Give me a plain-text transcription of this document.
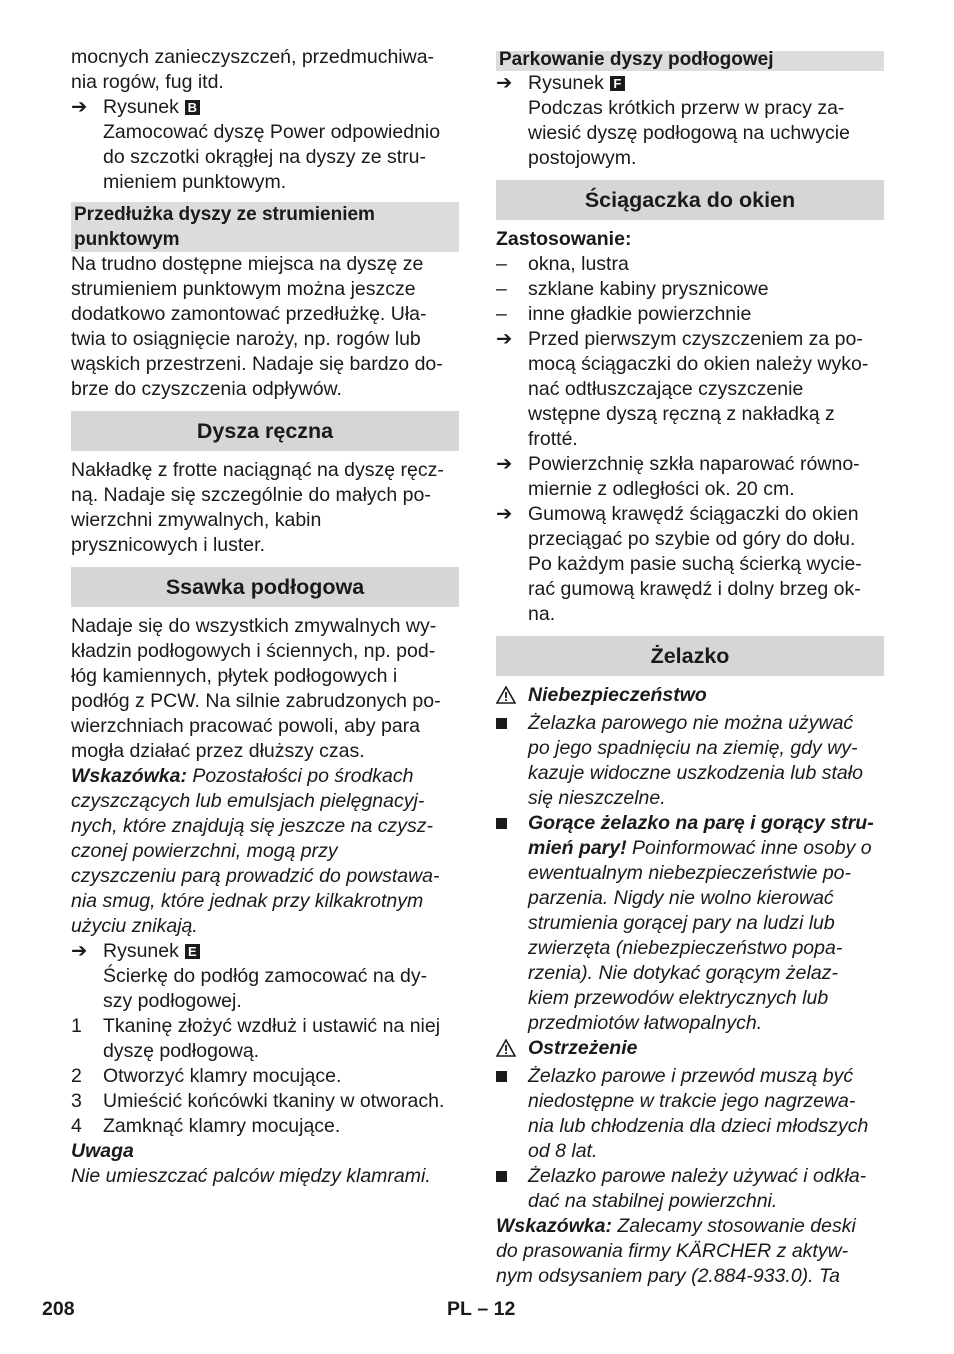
mocnych zanieczyszczeń, przedmuchiwa-
nia rogów, fug itd.

➔ Rysunek B
Zamocować dyszę Power odpowiednio
do szczotki okrągłej na dyszy ze stru-
mieniem punktowym.
Przedłużka dyszy ze strumieniem
punktowym

Na trudno dostępne miejsca na dyszę ze
strumieniem punktowym można jeszcze
dodatkowo zamontować przedłużkę. Uła-
twia to osiągnięcie naroży, np. rogów lub
wąskich przestrzeni. Nadaje się bardzo do-
brze do czyszczenia odpływów.

Dysza ręczna

Nakładkę z frotte naciągnąć na dyszę ręcz-
ną. Nadaje się szczególnie do małych po-
wierzchni zmywalnych, kabin
prysznicowych i luster.

Ssawka podłogowa

Nadaje się do wszystkich zmywalnych wy-
kładzin podłogowych i ściennych, np. pod-
łóg kamiennych, płytek podłogowych i
podłóg z PCW. Na silnie zabrudzonych po-
wierzchniach pracować powoli, aby para
mogła działać przez dłuższy czas.

Wskazówka: Pozostałości po środkach
czyszczących lub emulsjach pielęgnacyj-
nych, które znajdują się jeszcze na czysz-
czonej powierzchni, mogą przy
czyszczeniu parą prowadzić do powstawa-
nia smug, które jednak przy kilkakrotnym
użyciu znikają.

➔ Rysunek E
Ścierkę do podłóg zamocować na dy-
szy podłogowej.
1	Tkaninę złożyć wzdłuż i ustawić na niej
dyszę podłogową.
2	Otworzyć klamry mocujące.
3	Umieścić końcówki tkaniny w otworach.
4	Zamknąć klamry mocujące.

Uwaga

Nie umieszczać palców między klamrami.

Parkowanie dyszy podłogowej
➔ Rysunek F
Podczas krótkich przerw w pracy za-
wiesić dyszę podłogową na uchwycie
postojowym.
Ściągaczka do okien

Zastosowanie:

–	okna, lustra
–	szklane kabiny prysznicowe
–	inne gładkie powierzchnie
➔ Przed pierwszym czyszczeniem za po-
mocą ściągaczki do okien należy wyko-
nać odtłuszczające czyszczenie
wstępne dyszą ręczną z nakładką z
frotté.
➔ Powierzchnię szkła naparować równo-
miernie z odległości ok. 20 cm.
➔ Gumową krawędź ściągaczki do okien
przeciągać po szybie od góry do dołu.
Po każdym pasie suchą ścierką wycie-
rać gumową krawędź i dolny brzeg ok-
na.
Żelazko
Niebezpieczeństwo
Żelazka parowego nie można używać
po jego spadnięciu na ziemię, gdy wy-
kazuje widoczne uszkodzenia lub stało
się nieszczelne.
Gorące żelazko na parę i gorący stru-
mień pary! Poinformować inne osoby o
ewentualnym niebezpieczeństwie po-
parzenia. Nigdy nie wolno kierować
strumienia gorącej pary na ludzi lub
zwierzęta (niebezpieczeństwo popa-
rzenia). Nie dotykać gorącym żelaz-
kiem przewodów elektrycznych lub
przedmiotów łatwopalnych.
Ostrzeżenie
Żelazko parowe i przewód muszą być
niedostępne w trakcie jego nagrzewa-
nia lub chłodzenia dla dzieci młodszych
od 8 lat.
Żelazko parowe należy używać i odkła-
dać na stabilnej powierzchni.

Wskazówka: Zalecamy stosowanie deski
do prasowania firmy KÄRCHER z aktyw-
nym odsysaniem pary (2.884-933.0). Ta

208	PL – 12
